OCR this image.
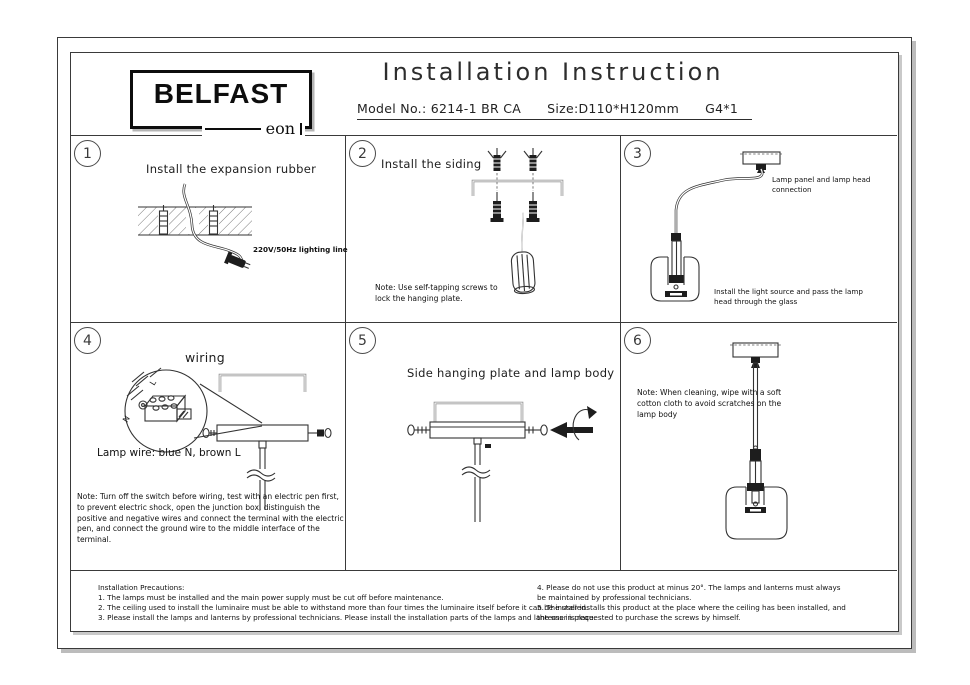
BELFAST
eon
Installation Instruction
Model No.: 6214-1 BR CA Size:D110*H120mm G4*1
1
Install the expansion rubber
220V/50Hz lighting line
2
Install the siding
Note: Use self-tapping screws to lock the hanging plate.
3
Lamp panel and lamp head connection
Install the light source and pass the lamp head through the glass
4
wiring
N
L
Lamp wire: blue N, brown L
Note: Turn off the switch before wiring, test with an electric pen first, to prevent electric shock, open the junction box, distinguish the positive and negative wires and connect the terminal with the electric pen, and connect the ground wire to the middle interface of the terminal.
5
Side hanging plate and lamp body
6
Note: When cleaning, wipe with a soft cotton cloth to avoid scratches on the lamp body
Installation Precautions:
1. The lamps must be installed and the main power supply must be cut off before maintenance.
2. The ceiling used to install the luminaire must be able to withstand more than four times the luminaire itself before it can be installed.
3. Please install the lamps and lanterns by professional technicians. Please install the installation parts of the lamps and lanterns in place.
4. Please do not use this product at minus 20°. The lamps and lanterns must always be maintained by professional technicians.
5. The user installs this product at the place where the ceiling has been installed, and the user is requested to purchase the screws by himself.
